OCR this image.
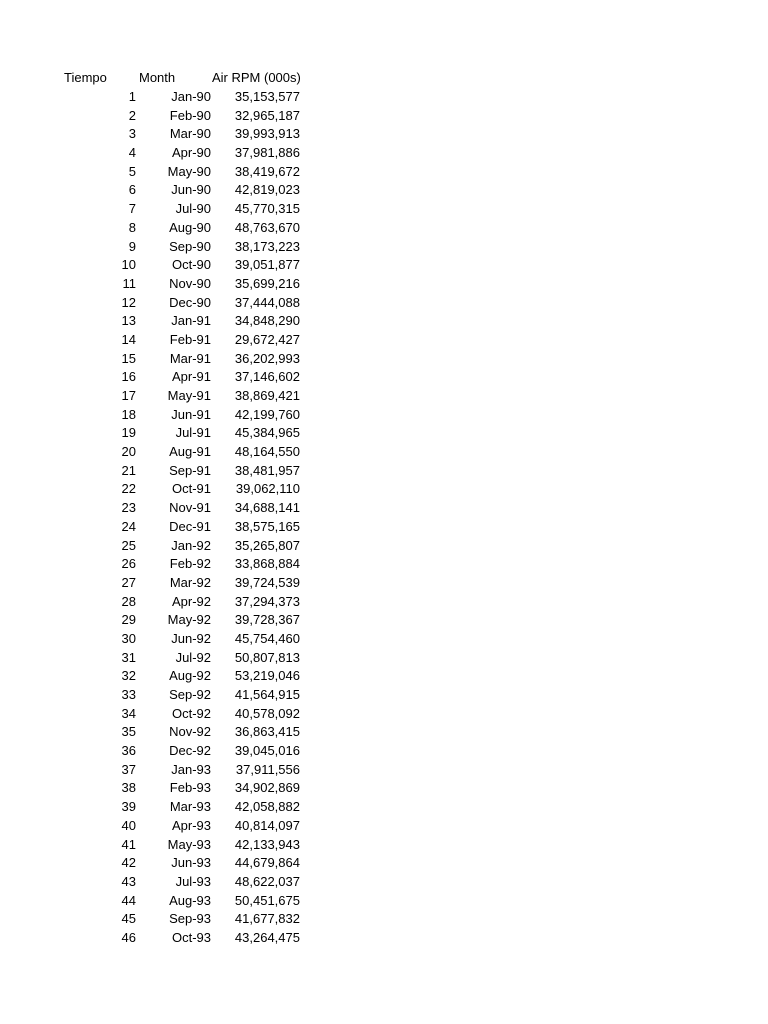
Tiempo Month	Air RPM (000s)
1	Jan-90	35,153,577
2	Feb-90	32,965,187
3	Mar-90	39,993,913
4	Apr-90	37,981,886
5	May-90	38,419,672
6	Jun-90	42,819,023
7	Jul-90	45,770,315
8	Aug-90	48,763,670
9	Sep-90	38,173,223
10	Oct-90	39,051,877
11	Nov-90	35,699,216
12	Dec-90	37,444,088
13	Jan-91	34,848,290
14	Feb-91	29,672,427
15	Mar-91	36,202,993
16	Apr-91	37,146,602
17	May-91	38,869,421
18	Jun-91	42,199,760
19	Jul-91	45,384,965
20	Aug-91	48,164,550
21	Sep-91	38,481,957
22	Oct-91	39,062,110
23	Nov-91	34,688,141
24	Dec-91	38,575,165
25	Jan-92	35,265,807
26	Feb-92	33,868,884
27	Mar-92	39,724,539
28	Apr-92	37,294,373
29	May-92	39,728,367
30	Jun-92	45,754,460
31	Jul-92	50,807,813
32	Aug-92	53,219,046
33	Sep-92	41,564,915
34	Oct-92	40,578,092
35	Nov-92	36,863,415
36	Dec-92	39,045,016
37	Jan-93	37,911,556
38	Feb-93	34,902,869
39	Mar-93	42,058,882
40	Apr-93	40,814,097
41	May-93	42,133,943
42	Jun-93	44,679,864
43	Jul-93	48,622,037
44	Aug-93	50,451,675
45	Sep-93	41,677,832
46	Oct-93	43,264,475
